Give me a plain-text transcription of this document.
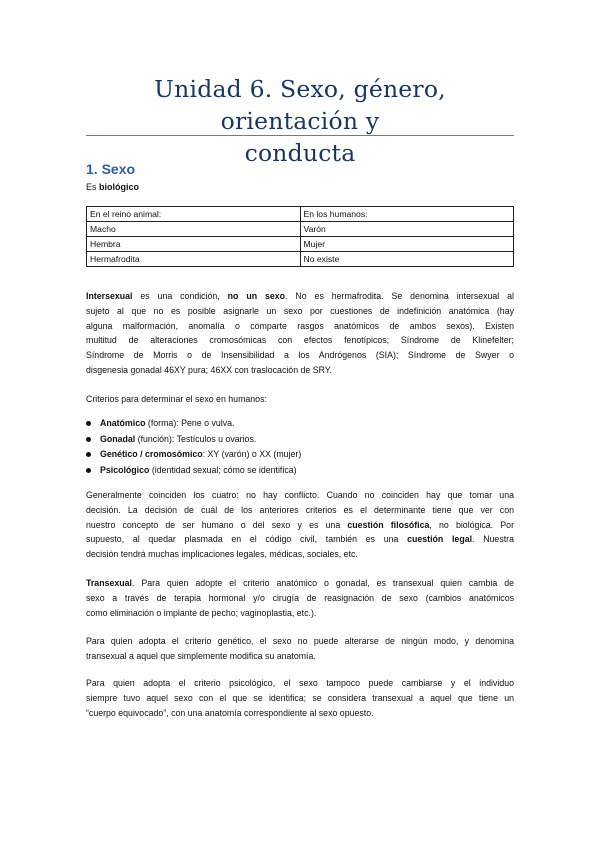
Unidad 6. Sexo, género, orientación y
conducta
1. Sexo

Es biológico

En el reino animal:	En los humanos:
Macho	Varón
Hembra	Mujer
Hermafrodita	No existe
Intersexual es una condición, no un sexo. No es hermafrodita. Se denomina intersexual al
sujeto al que no es posible asignarle un sexo por cuestiones de indefinición anatómica (hay
alguna malformación, anomalía o comparte rasgos anatómicos de ambos sexos). Existen
multitud de alteraciones cromosómicas con efectos fenotípicos; Síndrome de Klinefelter;
Síndrome de Morris o de Insensibilidad a los Andrógenos (SIA); Síndrome de Swyer o
disgenesia gonadal 46XY pura; 46XX con traslocación de SRY.

Criterios para determinar el sexo en humanos:

Anatómico (forma): Pene o vulva.
Gonadal (función): Testículos u ovarios.
Genético / cromosómico: XY (varón) o XX (mujer)
Psicológico (identidad sexual; cómo se identifica)
Generalmente coinciden los cuatro: no hay conflicto. Cuando no coinciden hay que tomar una
decisión. La decisión de cuál de los anteriores criterios es el determinante tiene que ver con
nuestro concepto de ser humano o del sexo y es una cuestión filosófica, no biológica. Por
supuesto, al quedar plasmada en el código civil, también es una cuestión legal. Nuestra
decisión tendrá muchas implicaciones legales, médicas, sociales, etc.
Transexual. Para quien adopte el criterio anatómico o gonadal, es transexual quien cambia de
sexo a través de terapia hormonal y/o cirugía de reasignación de sexo (cambios anatómicos
como eliminación o implante de pecho; vaginoplastia, etc.).
Para quien adopta el criterio genético, el sexo no puede alterarse de ningún modo, y denomina
transexual a aquel que simplemente modifica su anatomía.
Para quien adopta el criterio psicológico, el sexo tampoco puede cambiarse y el individuo
siempre tuvo aquel sexo con el que se identifica; se considera transexual a aquel que tiene un
“cuerpo equivocado”, con una anatomía correspondiente al sexo opuesto.
